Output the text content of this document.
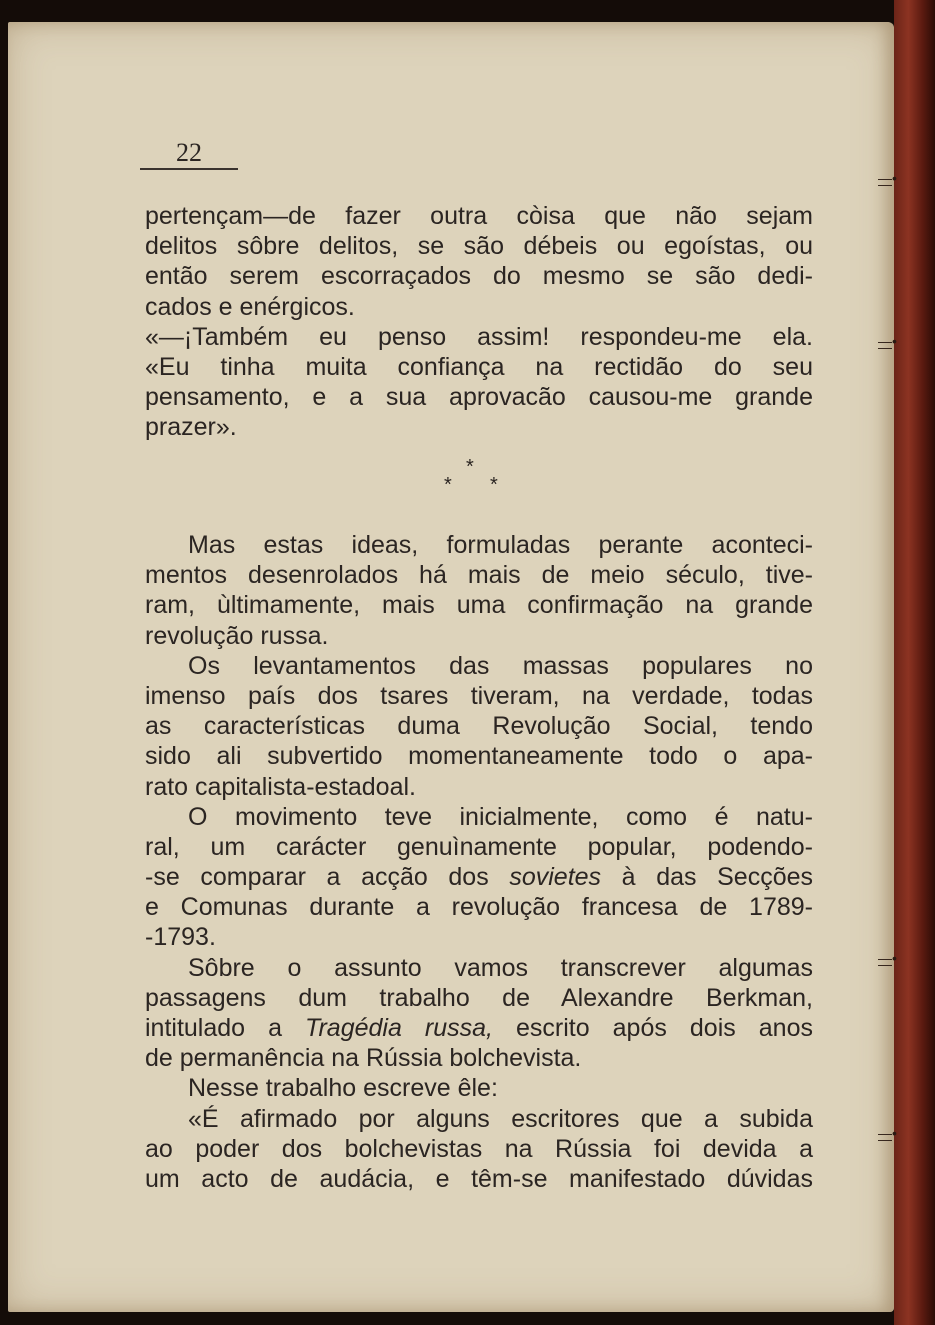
—•—
—•—
—•—
—•—
22
pertençam—de fazer outra còisa que não sejam
delitos sôbre delitos, se são débeis ou egoístas, ou
então serem escorraçados do mesmo se são dedi-
cados e enérgicos.
«—¡Também eu penso assim! respondeu-me ela.
«Eu tinha muita confiança na rectidão do seu
pensamento, e a sua aprovacão causou-me grande
prazer».
*
* *
Mas estas ideas, formuladas perante aconteci-
mentos desenrolados há mais de meio século, tive-
ram, ùltimamente, mais uma confirmação na grande
revolução russa.
Os levantamentos das massas populares no
imenso país dos tsares tiveram, na verdade, todas
as características duma Revolução Social, tendo
sido ali subvertido momentaneamente todo o apa-
rato capitalista-estadoal.
O movimento teve inicialmente, como é natu-
ral, um carácter genuìnamente popular, podendo-
-se comparar a acção dos sovietes à das Secções
e Comunas durante a revolução francesa de 1789-
-1793.
Sôbre o assunto vamos transcrever algumas
passagens dum trabalho de Alexandre Berkman,
intitulado a Tragédia russa, escrito após dois anos
de permanência na Rússia bolchevista.
Nesse trabalho escreve êle:
«É afirmado por alguns escritores que a subida
ao poder dos bolchevistas na Rússia foi devida a
um acto de audácia, e têm-se manifestado dúvidas
